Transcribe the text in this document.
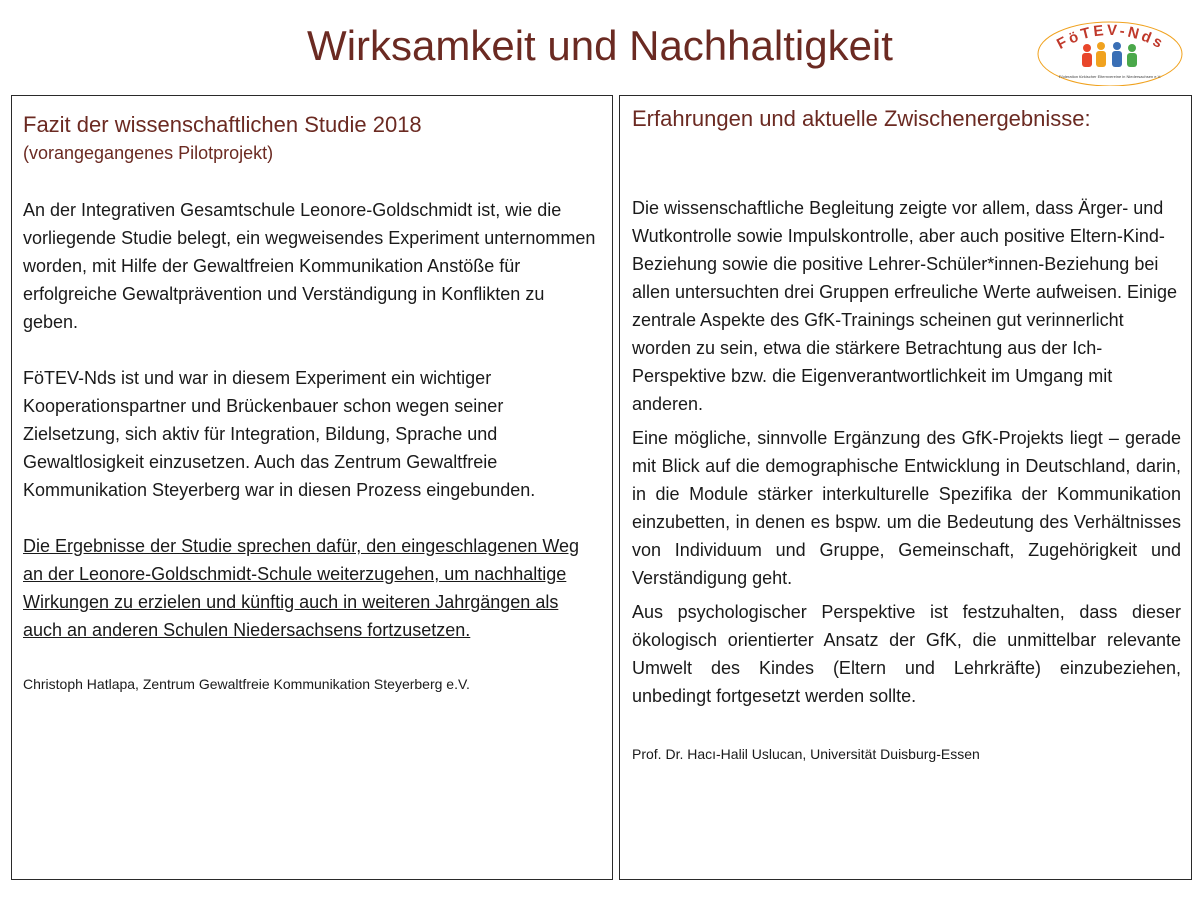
Wirksamkeit und Nachhaltigkeit	FöTEV-Nds
Föderation türkischer Elternvereine in Niedersachsen e.V.

Fazit der wissenschaftlichen Studie 2018

(vorangegangenes Pilotprojekt)

An der Integrativen Gesamtschule Leonore-Goldschmidt ist, wie die vorliegende Studie belegt, ein wegweisendes Experiment unternommen worden, mit Hilfe der Gewaltfreien Kommunikation Anstöße für erfolgreiche Gewaltprävention und Verständigung in Konflikten zu geben.

FöTEV-Nds ist und war in diesem Experiment ein wichtiger Kooperationspartner und Brückenbauer schon wegen seiner Zielsetzung, sich aktiv für Integration, Bildung, Sprache und Gewaltlosigkeit einzusetzen. Auch das Zentrum Gewaltfreie Kommunikation Steyerberg war in diesen Prozess eingebunden.

Die Ergebnisse der Studie sprechen dafür, den eingeschlagenen Weg an der Leonore-Goldschmidt-Schule weiterzugehen, um nachhaltige Wirkungen zu erzielen und künftig auch in weiteren Jahrgängen als auch an anderen Schulen Niedersachsens fortzusetzen.

Christoph Hatlapa, Zentrum Gewaltfreie Kommunikation Steyerberg e.V.

Erfahrungen und aktuelle Zwischenergebnisse:

Die wissenschaftliche Begleitung zeigte vor allem, dass Ärger- und Wutkontrolle sowie Impulskontrolle, aber auch positive Eltern-Kind-Beziehung sowie die positive Lehrer-Schüler*innen-Beziehung bei allen untersuchten drei Gruppen erfreuliche Werte aufweisen. Einige zentrale Aspekte des GfK-Trainings scheinen gut verinnerlicht worden zu sein, etwa die stärkere Betrachtung aus der Ich-Perspektive bzw. die Eigenverantwortlichkeit im Umgang mit anderen.

Eine mögliche, sinnvolle Ergänzung des GfK-Projekts liegt – gerade mit Blick auf die demographische Entwicklung in Deutschland, darin, in die Module stärker interkulturelle Spezifika der Kommunikation einzubetten, in denen es bspw. um die Bedeutung des Verhältnisses von Individuum und Gruppe, Gemeinschaft, Zugehörigkeit und Verständigung geht.

Aus psychologischer Perspektive ist festzuhalten, dass dieser ökologisch orientierter Ansatz der GfK, die unmittelbar relevante Umwelt des Kindes (Eltern und Lehrkräfte) einzubeziehen, unbedingt fortgesetzt werden sollte.

Prof. Dr. Hacı-Halil Uslucan, Universität Duisburg-Essen
